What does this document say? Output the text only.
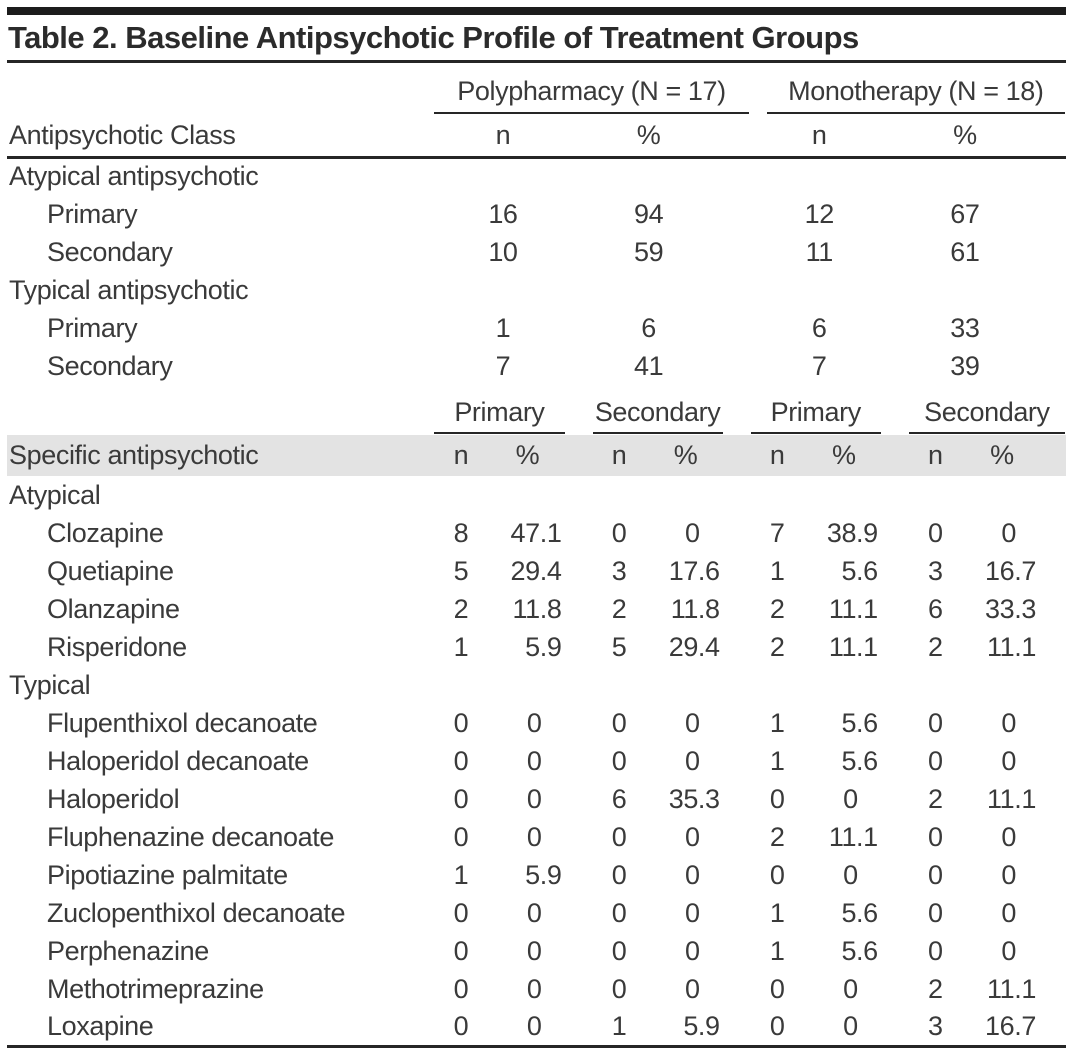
Table 2. Baseline Antipsychotic Profile of Treatment Groups

	Polypharmacy (N = 17)				Monotherapy (N = 18)			

Antipsychotic Class	n		%		n		%	
Atypical antipsychotic								
Primary	16		94		12		67	
Secondary	10		59		11		61	
Typical antipsychotic								
Primary	1		6		6		33	
Secondary	7		41		7		39	

	Primary		Secondary		Primary		Secondary	

Specific antipsychotic	n	%	n	%	n	%	n	%
Atypical								
Clozapine	8	47.1	0	0	7	38.9	0	0
Quetiapine	5	29.4	3	17.6	1	5.6	3	16.7
Olanzapine	2	11.8	2	11.8	2	11.1	6	33.3
Risperidone	1	5.9	5	29.4	2	11.1	2	11.1
Typical								
Flupenthixol decanoate	0	0	0	0	1	5.6	0	0
Haloperidol decanoate	0	0	0	0	1	5.6	0	0
Haloperidol	0	0	6	35.3	0	0	2	11.1
Fluphenazine decanoate	0	0	0	0	2	11.1	0	0
Pipotiazine palmitate	1	5.9	0	0	0	0	0	0
Zuclopenthixol decanoate	0	0	0	0	1	5.6	0	0
Perphenazine	0	0	0	0	1	5.6	0	0
Methotrimeprazine	0	0	0	0	0	0	2	11.1
Loxapine	0	0	1	5.9	0	0	3	16.7
